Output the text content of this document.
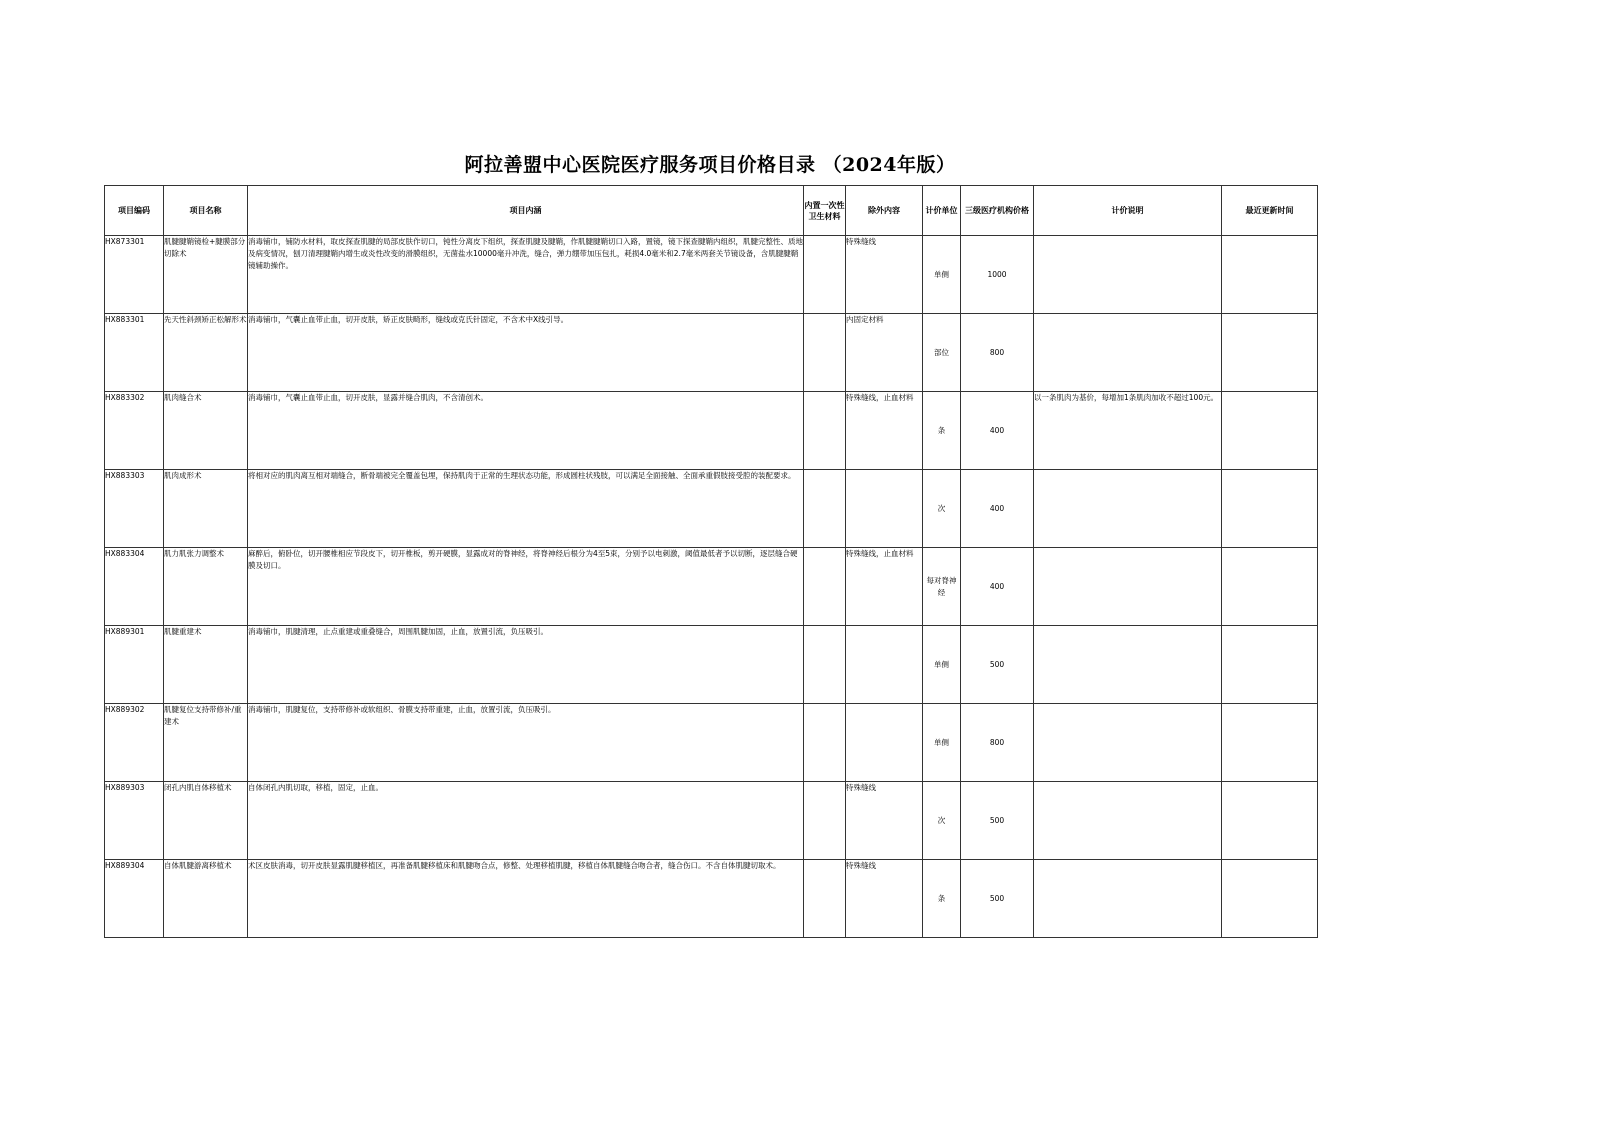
阿拉善盟中心医院医疗服务项目价格目录 （2024年版）
项目编码	项目名称	项目内涵	内置一次性卫生材料	除外内容	计价单位	三级医疗机构价格	计价说明	最近更新时间
HX873301	肌腱腱鞘镜检+腱膜部分切除术	消毒铺巾，铺防水材料，取皮探查肌腱的局部皮肤作切口，钝性分离皮下组织，探查肌腱及腱鞘，作肌腱腱鞘切口入路，置镜，镜下探查腱鞘内组织，肌腱完整性、质地及病变情况，刨刀清理腱鞘内增生或炎性改变的滑膜组织，无菌盐水10000毫升冲洗，缝合，弹力绷带加压包扎，耗损4.0毫米和2.7毫米两套关节镜设备，含肌腱腱鞘镜辅助操作。		特殊缝线	单侧	1000		
HX883301	先天性斜颈矫正松解形术	消毒铺巾，气囊止血带止血，切开皮肤，矫正皮肤畸形，缝线或克氏针固定，不含术中X线引导。		内固定材料	部位	800		
HX883302	肌肉缝合术	消毒铺巾，气囊止血带止血，切开皮肤，显露并缝合肌肉，不含清创术。		特殊缝线，止血材料	条	400	以一条肌肉为基价，每增加1条肌肉加收不超过100元。	
HX883303	肌肉成形术	将相对应的肌肉离互相对端缝合，断骨端被完全覆盖包埋，保持肌肉于正常的生理状态功能，形成圆柱状残肢，可以满足全面接触、全面承重假肢接受腔的装配要求。			次	400		
HX883304	肌力肌张力调整术	麻醉后，俯卧位，切开腰椎相应节段皮下，切开椎板，剪开硬膜，显露成对的脊神经，将脊神经后根分为4至5束，分别予以电刺激，阈值最低者予以切断，逐层缝合硬膜及切口。		特殊缝线，止血材料	每对脊神经	400		
HX889301	肌腱重建术	消毒铺巾，肌腱清理，止点重建或重叠缝合，周围肌腱加固，止血，放置引流，负压吸引。			单侧	500		
HX889302	肌腱复位支持带修补/重建术	消毒铺巾，肌腱复位，支持带修补或软组织、骨膜支持带重建，止血，放置引流，负压吸引。			单侧	800		
HX889303	闭孔内肌自体移植术	自体闭孔内肌切取，移植，固定，止血。		特殊缝线	次	500		
HX889304	自体肌腱游离移植术	术区皮肤消毒，切开皮肤显露肌腱移植区，再准备肌腱移植床和肌腱吻合点，修整、处理移植肌腱，移植自体肌腱缝合吻合者，缝合伤口。不含自体肌腱切取术。		特殊缝线	条	500		
